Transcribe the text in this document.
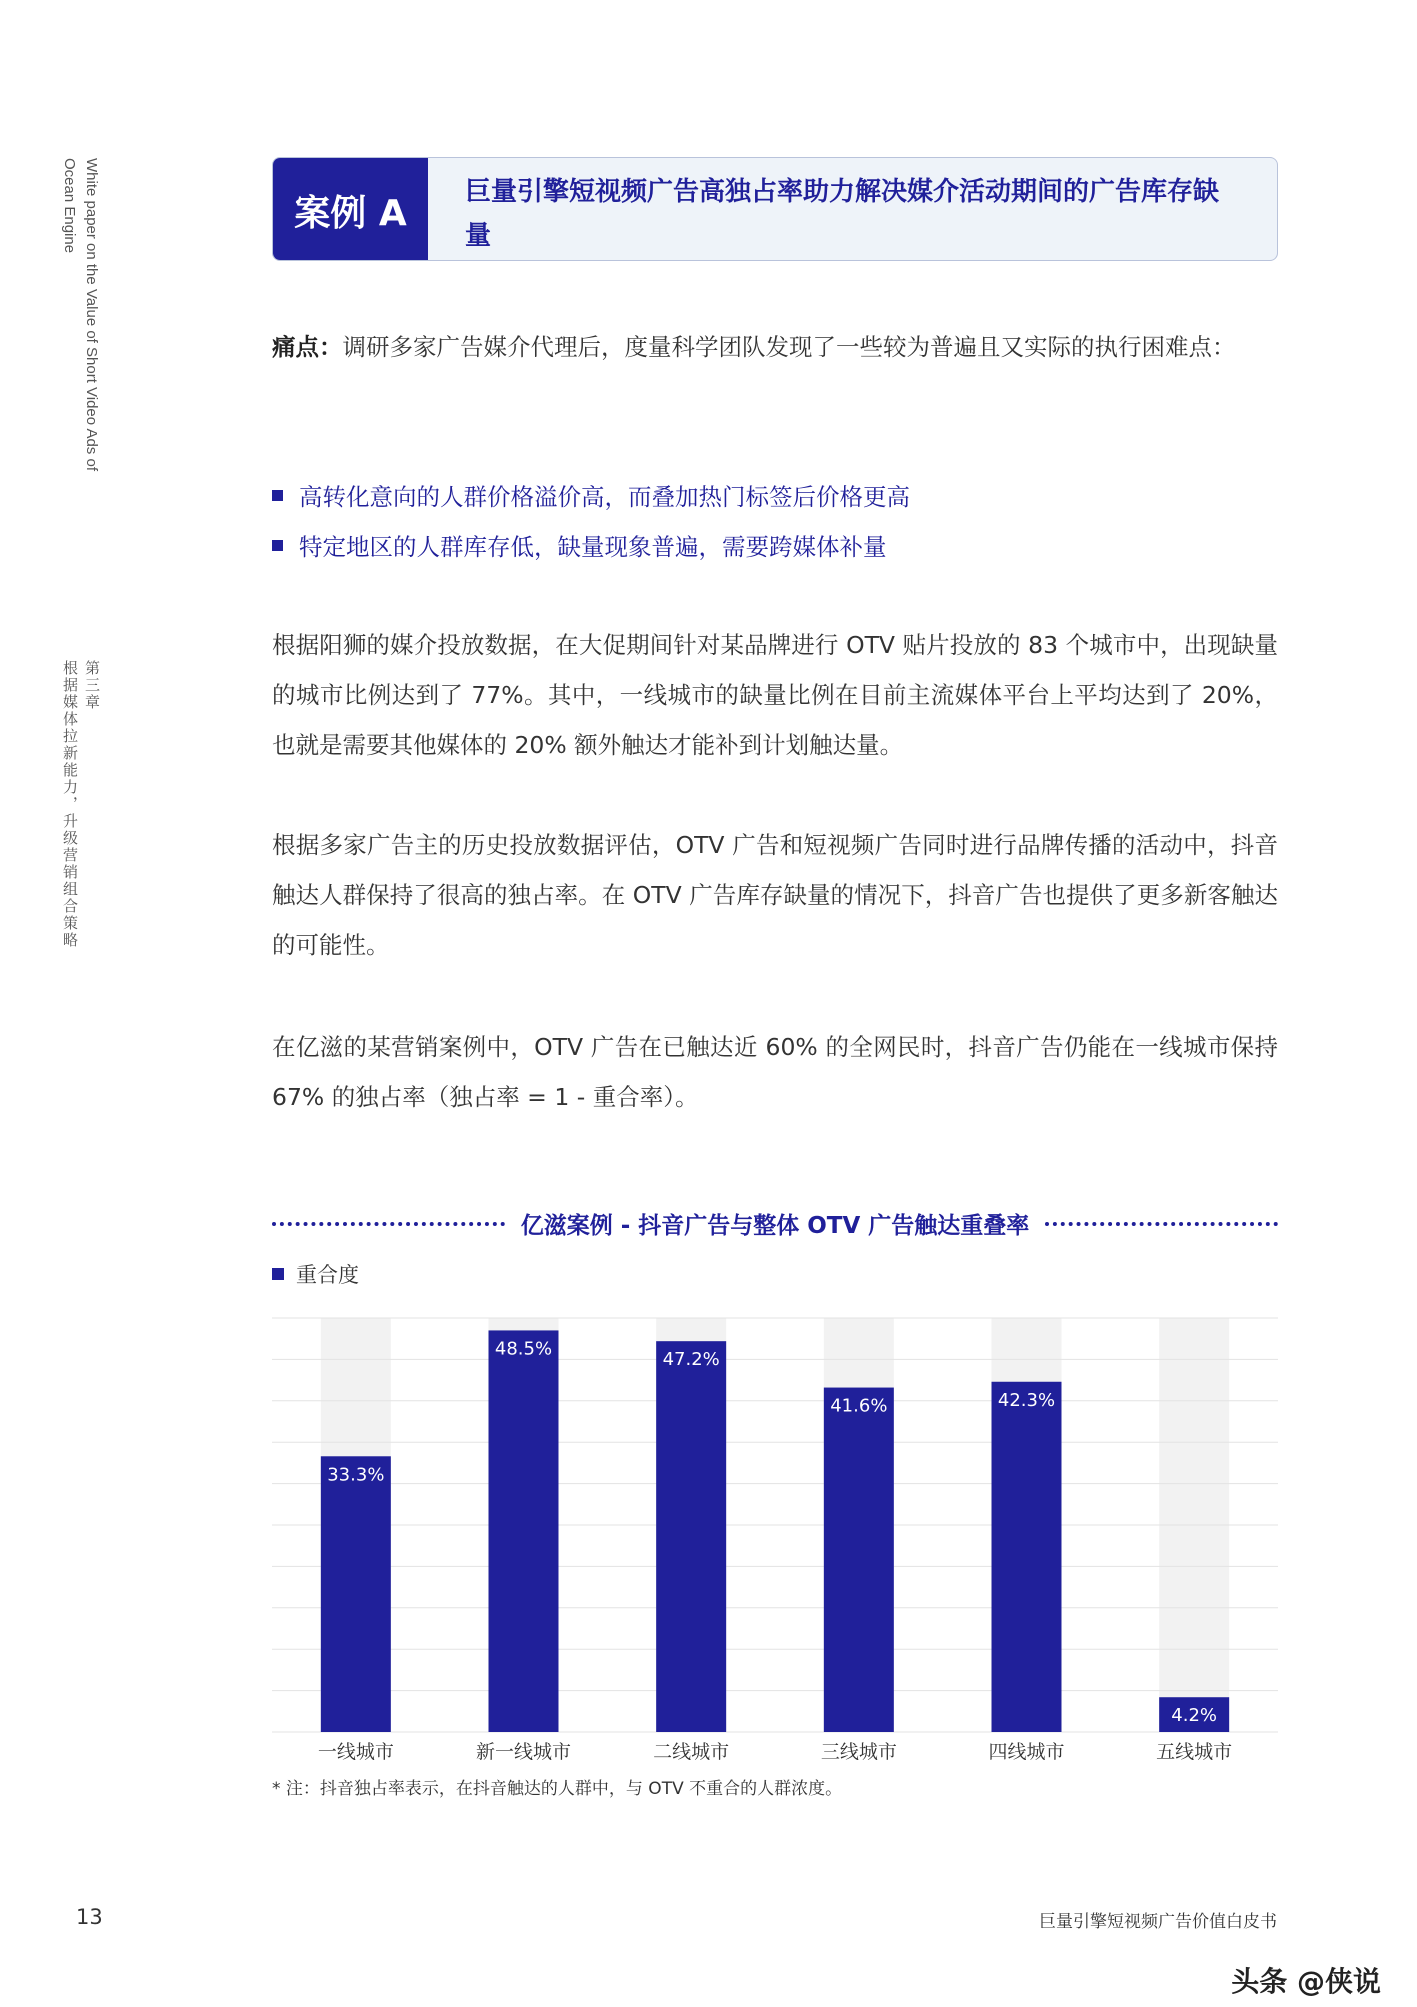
White paper on the Value of Short Video Ads of Ocean Engine
第三章
根据媒体拉新能力，升级营销组合策略
案例 A
巨量引擎短视频广告高独占率助力解决媒介活动期间的广告库存缺量
痛点：调研多家广告媒介代理后，度量科学团队发现了一些较为普遍且又实际的执行困难点：
高转化意向的人群价格溢价高，而叠加热门标签后价格更高
特定地区的人群库存低，缺量现象普遍，需要跨媒体补量
根据阳狮的媒介投放数据，在大促期间针对某品牌进行 OTV 贴片投放的 83 个城市中，出现缺量的城市比例达到了 77%。其中，一线城市的缺量比例在目前主流媒体平台上平均达到了 20%，也就是需要其他媒体的 20% 额外触达才能补到计划触达量。
根据多家广告主的历史投放数据评估，OTV 广告和短视频广告同时进行品牌传播的活动中，抖音触达人群保持了很高的独占率。在 OTV 广告库存缺量的情况下，抖音广告也提供了更多新客触达的可能性。
在亿滋的某营销案例中，OTV 广告在已触达近 60% 的全网民时，抖音广告仍能在一线城市保持 67% 的独占率（独占率 = 1 - 重合率）。
亿滋案例 - 抖音广告与整体 OTV 广告触达重叠率
重合度
33.3%
一线城市
48.5%
新一线城市
47.2%
二线城市
41.6%
三线城市
42.3%
四线城市
4.2%
五线城市
* 注：抖音独占率表示，在抖音触达的人群中，与 OTV 不重合的人群浓度。
13	巨量引擎短视频广告价值白皮书
头条 @侠说
